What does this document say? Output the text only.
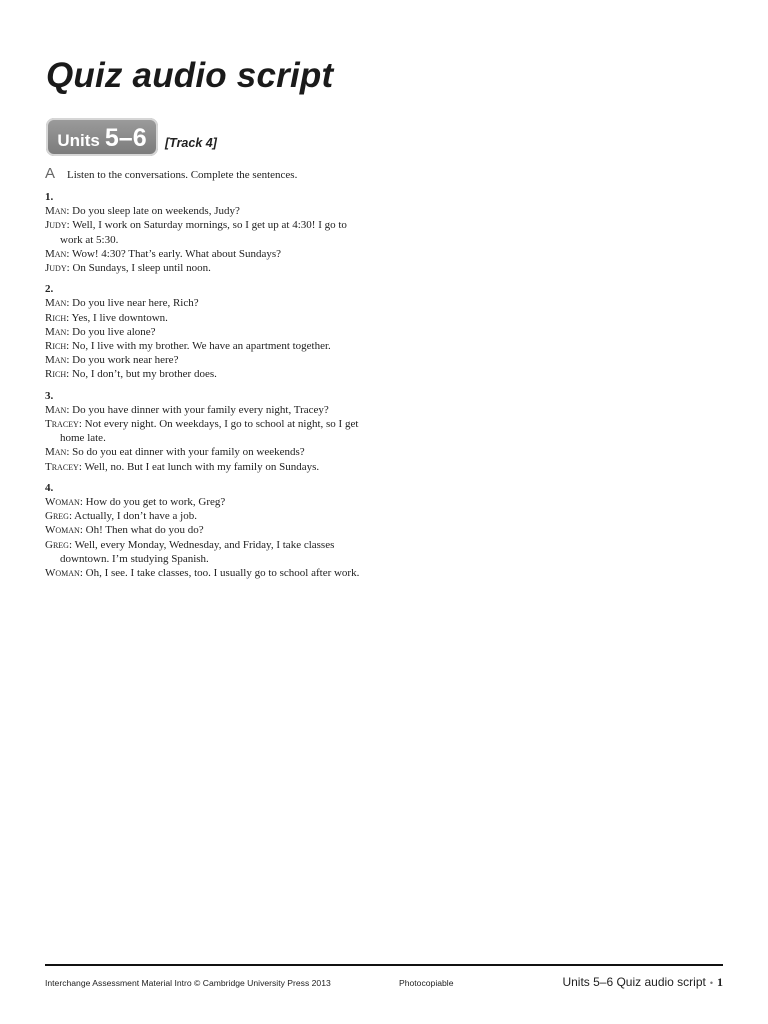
Quiz audio script
Units 5–6 [Track 4]
A	Listen to the conversations. Complete the sentences.
1.
Man: Do you sleep late on weekends, Judy?
Judy: Well, I work on Saturday mornings, so I get up at 4:30! I go to work at 5:30.
Man: Wow! 4:30? That’s early. What about Sundays?
Judy: On Sundays, I sleep until noon.
2.
Man: Do you live near here, Rich?
Rich: Yes, I live downtown.
Man: Do you live alone?
Rich: No, I live with my brother. We have an apartment together.
Man: Do you work near here?
Rich: No, I don’t, but my brother does.
3.
Man: Do you have dinner with your family every night, Tracey?
Tracey: Not every night. On weekdays, I go to school at night, so I get home late.
Man: So do you eat dinner with your family on weekends?
Tracey: Well, no. But I eat lunch with my family on Sundays.
4.
Woman: How do you get to work, Greg?
Greg: Actually, I don’t have a job.
Woman: Oh! Then what do you do?
Greg: Well, every Monday, Wednesday, and Friday, I take classes downtown. I’m studying Spanish.
Woman: Oh, I see. I take classes, too. I usually go to school after work.
Interchange Assessment Material Intro © Cambridge University Press 2013	Photocopiable	Units 5–6 Quiz audio script • 1
